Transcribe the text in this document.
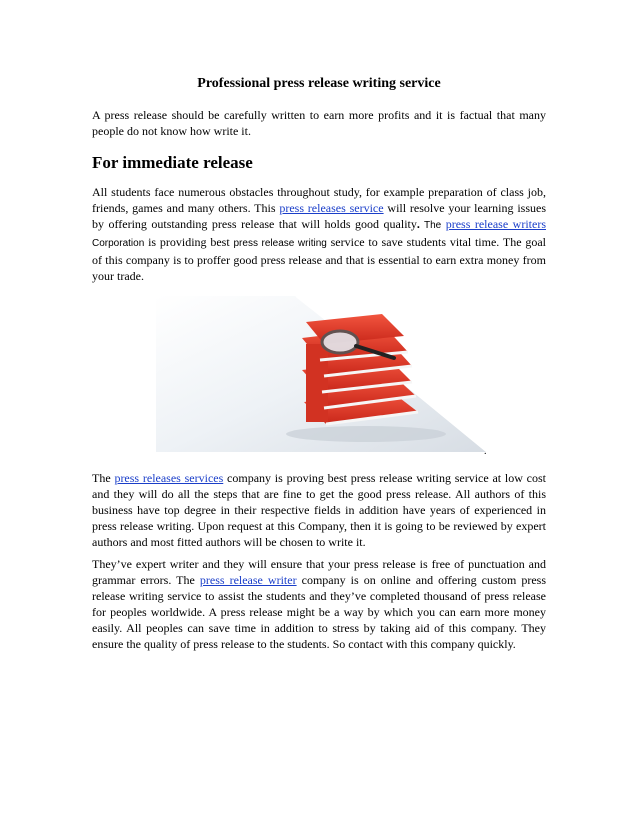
Professional press release writing service

A press release should be carefully written to earn more profits and it is factual that many people do not know how write it.

For immediate release

All students face numerous obstacles throughout study, for example preparation of class job, friends, games and many others. This press releases service will resolve your learning issues by offering outstanding press release that will holds good quality. The press release writers Corporation is providing best press release writing service to save students vital time. The goal of this company is to proffer good press release and that is essential to earn extra money from your trade.

.

The press releases services company is proving best press release writing service at low cost and they will do all the steps that are fine to get the good press release. All authors of this business have top degree in their respective fields in addition have years of experienced in press release writing. Upon request at this Company, then it is going to be reviewed by expert authors and most fitted authors will be chosen to write it.

They’ve expert writer and they will ensure that your press release is free of punctuation and grammar errors. The press release writer company is on online and offering custom press release writing service to assist the students and they’ve completed thousand of press release for peoples worldwide. A press release might be a way by which you can earn more money easily. All peoples can save time in addition to stress by taking aid of this company. They ensure the quality of press release to the students. So contact with this company quickly.
